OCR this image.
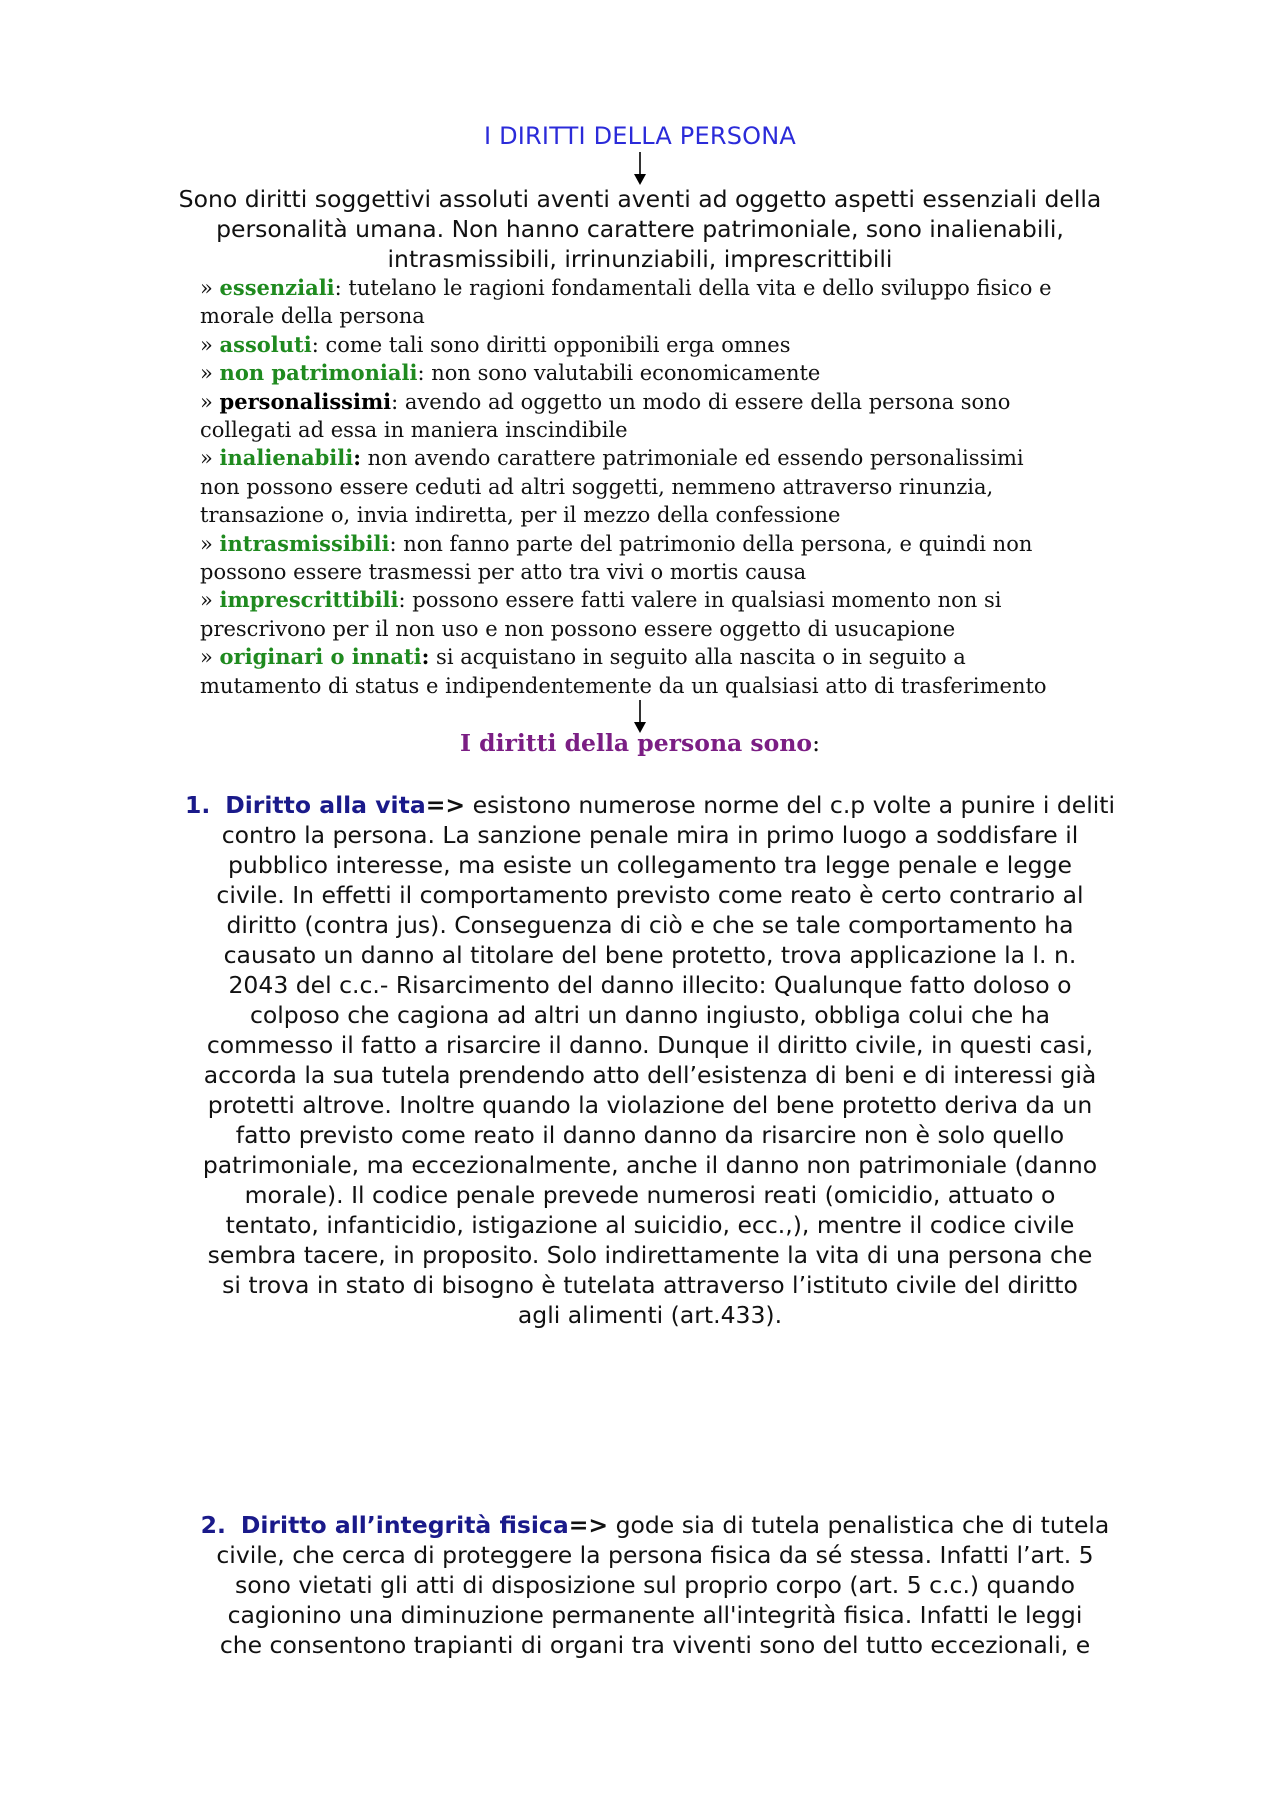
I DIRITTI DELLA PERSONA
Sono diritti soggettivi assoluti aventi aventi ad oggetto aspetti essenziali della
personalità umana. Non hanno carattere patrimoniale, sono inalienabili,
intrasmissibili, irrinunziabili, imprescrittibili
» essenziali: tutelano le ragioni fondamentali della vita e dello sviluppo fisico e
morale della persona
» assoluti: come tali sono diritti opponibili erga omnes
» non patrimoniali: non sono valutabili economicamente
» personalissimi: avendo ad oggetto un modo di essere della persona sono
collegati ad essa in maniera inscindibile
» inalienabili: non avendo carattere patrimoniale ed essendo personalissimi
non possono essere ceduti ad altri soggetti, nemmeno attraverso rinunzia,
transazione o, invia indiretta, per il mezzo della confessione
» intrasmissibili: non fanno parte del patrimonio della persona, e quindi non
possono essere trasmessi per atto tra vivi o mortis causa
» imprescrittibili: possono essere fatti valere in qualsiasi momento non si
prescrivono per il non uso e non possono essere oggetto di usucapione
» originari o innati: si acquistano in seguito alla nascita o in seguito a
mutamento di status e indipendentemente da un qualsiasi atto di trasferimento
I diritti della persona sono:
1. Diritto alla vita=> esistono numerose norme del c.p volte a punire i deliti
contro la persona. La sanzione penale mira in primo luogo a soddisfare il
pubblico interesse, ma esiste un collegamento tra legge penale e legge
civile. In effetti il comportamento previsto come reato è certo contrario al
diritto (contra jus). Conseguenza di ciò e che se tale comportamento ha
causato un danno al titolare del bene protetto, trova applicazione la l. n.
2043 del c.c.- Risarcimento del danno illecito: Qualunque fatto doloso o
colposo che cagiona ad altri un danno ingiusto, obbliga colui che ha
commesso il fatto a risarcire il danno. Dunque il diritto civile, in questi casi,
accorda la sua tutela prendendo atto dell’esistenza di beni e di interessi già
protetti altrove. Inoltre quando la violazione del bene protetto deriva da un
fatto previsto come reato il danno danno da risarcire non è solo quello
patrimoniale, ma eccezionalmente, anche il danno non patrimoniale (danno
morale). Il codice penale prevede numerosi reati (omicidio, attuato o
tentato, infanticidio, istigazione al suicidio, ecc.,), mentre il codice civile
sembra tacere, in proposito. Solo indirettamente la vita di una persona che
si trova in stato di bisogno è tutelata attraverso l’istituto civile del diritto
agli alimenti (art.433).
2. Diritto all’integrità fisica=> gode sia di tutela penalistica che di tutela
civile, che cerca di proteggere la persona fisica da sé stessa. Infatti l’art. 5
sono vietati gli atti di disposizione sul proprio corpo (art. 5 c.c.) quando
cagionino una diminuzione permanente all'integrità fisica. Infatti le leggi
che consentono trapianti di organi tra viventi sono del tutto eccezionali, e
